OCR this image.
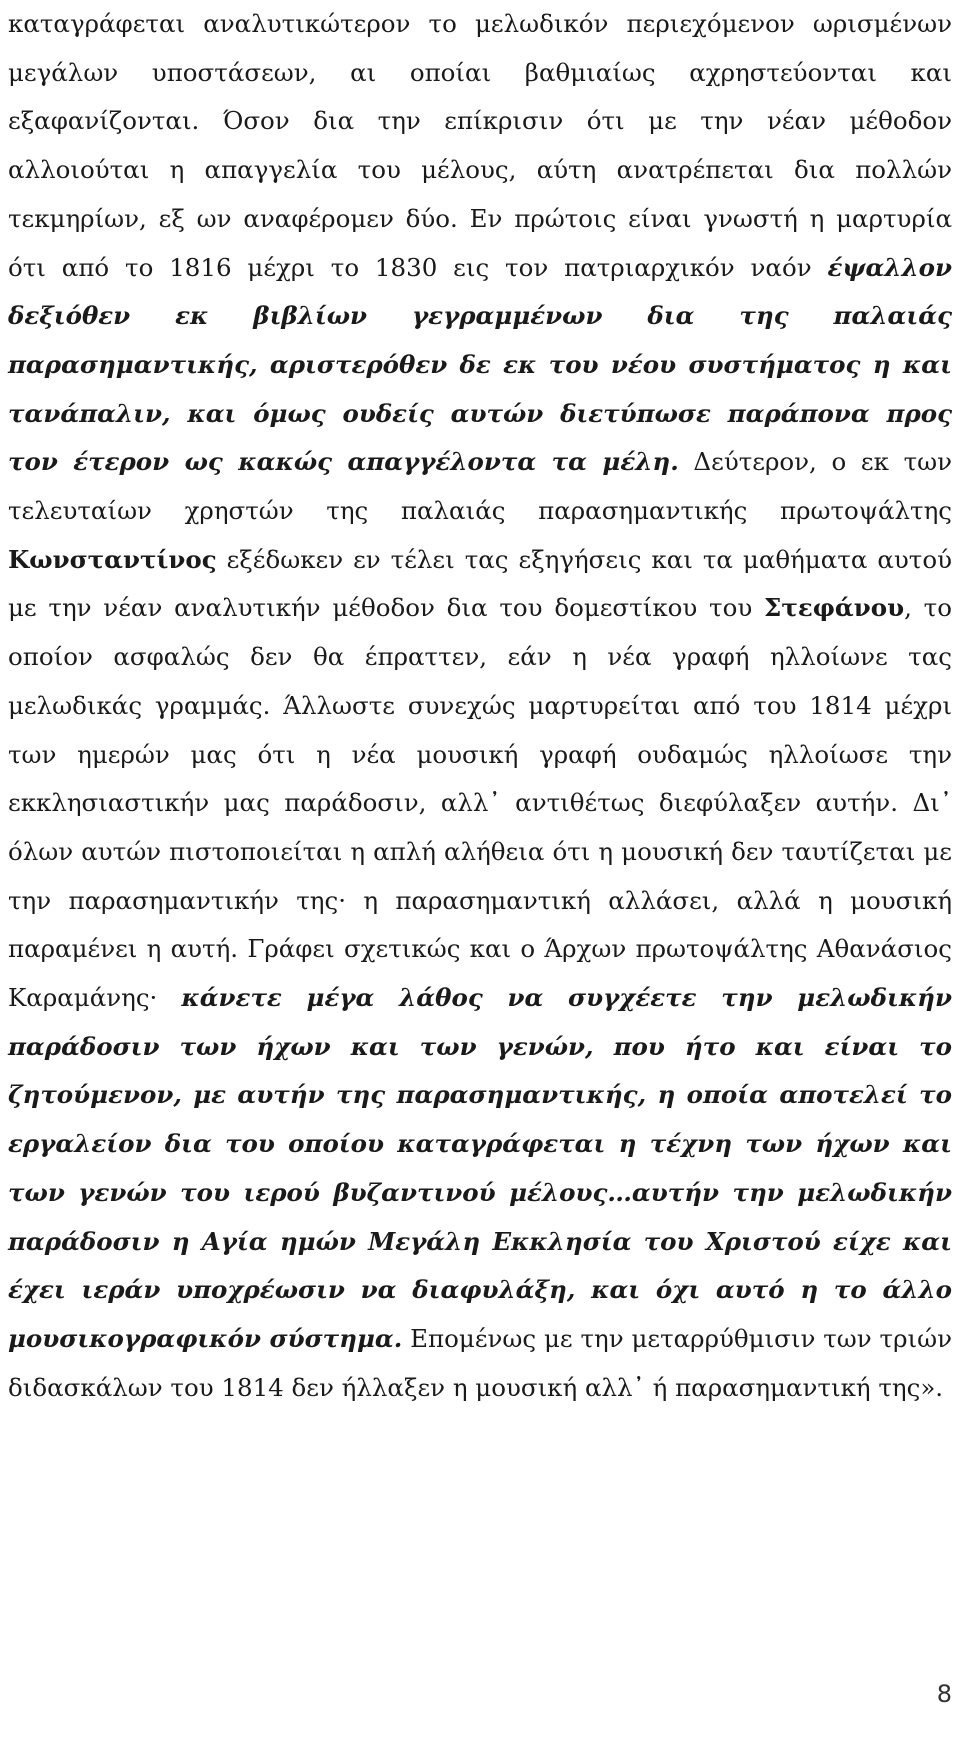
καταγράφεται αναλυτικώτερον το μελωδικόν περιεχόμενον ωρισμένων μεγάλων υποστάσεων, αι οποίαι βαθμιαίως αχρηστεύονται και εξαφανίζονται. Όσον δια την επίκρισιν ότι με την νέαν μέθοδον αλλοιούται η απαγγελία του μέλους, αύτη ανατρέπεται δια πολλών τεκμηρίων, εξ ων αναφέρομεν δύο. Εν πρώτοις είναι γνωστή η μαρτυρία ότι από το 1816 μέχρι το 1830 εις τον πατριαρχικόν ναόν έψαλλον δεξιόθεν εκ βιβλίων γεγραμμένων δια της παλαιάς παρασημαντικής, αριστερόθεν δε εκ του νέου συστήματος η και τανάπαλιν, και όμως ουδείς αυτών διετύπωσε παράπονα προς τον έτερον ως κακώς απαγγέλοντα τα μέλη. Δεύτερον, ο εκ των τελευταίων χρηστών της παλαιάς παρασημαντικής πρωτοψάλτης Κωνσταντίνος εξέδωκεν εν τέλει τας εξηγήσεις και τα μαθήματα αυτού με την νέαν αναλυτικήν μέθοδον δια του δομεστίκου του Στεφάνου, το οποίον ασφαλώς δεν θα έπραττεν, εάν η νέα γραφή ηλλοίωνε τας μελωδικάς γραμμάς. Άλλωστε συνεχώς μαρτυρείται από του 1814 μέχρι των ημερών μας ότι η νέα μουσική γραφή ουδαμώς ηλλοίωσε την εκκλησιαστικήν μας παράδοσιν, αλλ᾽ αντιθέτως διεφύλαξεν αυτήν. Δι᾽ όλων αυτών πιστοποιείται η απλή αλήθεια ότι η μουσική δεν ταυτίζεται με την παρασημαντικήν της· η παρασημαντική αλλάσει, αλλά η μουσική παραμένει η αυτή. Γράφει σχετικώς και ο Άρχων πρωτοψάλτης Αθανάσιος Καραμάνης· κάνετε μέγα λάθος να συγχέετε την μελωδικήν παράδοσιν των ήχων και των γενών, που ήτο και είναι το ζητούμενον, με αυτήν της παρασημαντικής, η οποία αποτελεί το εργαλείον δια του οποίου καταγράφεται η τέχνη των ήχων και των γενών του ιερού βυζαντινού μέλους…αυτήν την μελωδικήν παράδοσιν η Αγία ημών Μεγάλη Εκκλησία του Χριστού είχε και έχει ιεράν υποχρέωσιν να διαφυλάξη, και όχι αυτό η το άλλο μουσικογραφικόν σύστημα. Επομένως με την μεταρρύθμισιν των τριών διδασκάλων του 1814 δεν ήλλαξεν η μουσική αλλ᾽ ή παρασημαντική της».

8
